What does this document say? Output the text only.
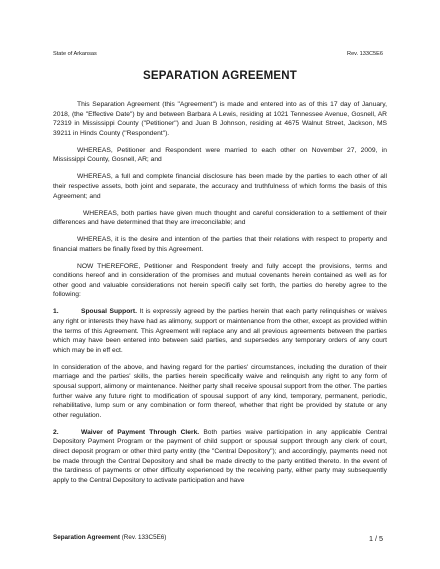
State of Arkansas	Rev. 133C5E6
SEPARATION AGREEMENT

This Separation Agreement (this "Agreement") is made and entered into as of this 17 day of January, 2018, (the "Effective Date") by and between Barbara A Lewis, residing at 1021 Tennessee Avenue, Gosnell, AR 72319 in Mississippi County ("Petitioner") and Juan B Johnson, residing at 4675 Walnut Street, Jackson, MS 39211 in Hinds County ("Respondent").

WHEREAS, Petitioner and Respondent were married to each other on November 27, 2009, in Mississippi County, Gosnell, AR; and

WHEREAS, a full and complete financial disclosure has been made by the parties to each other of all their respective assets, both joint and separate, the accuracy and truthfulness of which forms the basis of this Agreement; and

WHEREAS, both parties have given much thought and careful consideration to a settlement of their differences and have determined that they are irreconcilable; and

WHEREAS, it is the desire and intention of the parties that their relations with respect to property and financial matters be finally fixed by this Agreement.

NOW THEREFORE, Petitioner and Respondent freely and fully accept the provisions, terms and conditions hereof and in consideration of the promises and mutual covenants herein contained as well as for other good and valuable considerations not herein specifi cally set forth, the parties do hereby agree to the following:

1.	Spousal Support. It is expressly agreed by the parties herein that each party relinquishes or waives any right or interests they have had as alimony, support or maintenance from the other, except as provided within the terms of this Agreement. This Agreement will replace any and all previous agreements between the parties which may have been entered into between said parties, and supersedes any temporary orders of any court which may be in eff ect.

In consideration of the above, and having regard for the parties' circumstances, including the duration of their marriage and the parties' skills, the parties herein specifically waive and relinquish any right to any form of spousal support, alimony or maintenance. Neither party shall receive spousal support from the other. The parties further waive any future right to modification of spousal support of any kind, temporary, permanent, periodic, rehabilitative, lump sum or any combination or form thereof, whether that right be provided by statute or any other regulation.

2.	Waiver of Payment Through Clerk. Both parties waive participation in any applicable Central Depository Payment Program or the payment of child support or spousal support through any clerk of court, direct deposit program or other third party entity (the "Central Depository"); and accordingly, payments need not be made through the Central Depository and shall be made directly to the party entitled thereto. In the event of the tardiness of payments or other difficulty experienced by the receiving party, either party may subsequently apply to the Central Depository to activate participation and have

Separation Agreement (Rev. 133C5E6)	1 / 5
